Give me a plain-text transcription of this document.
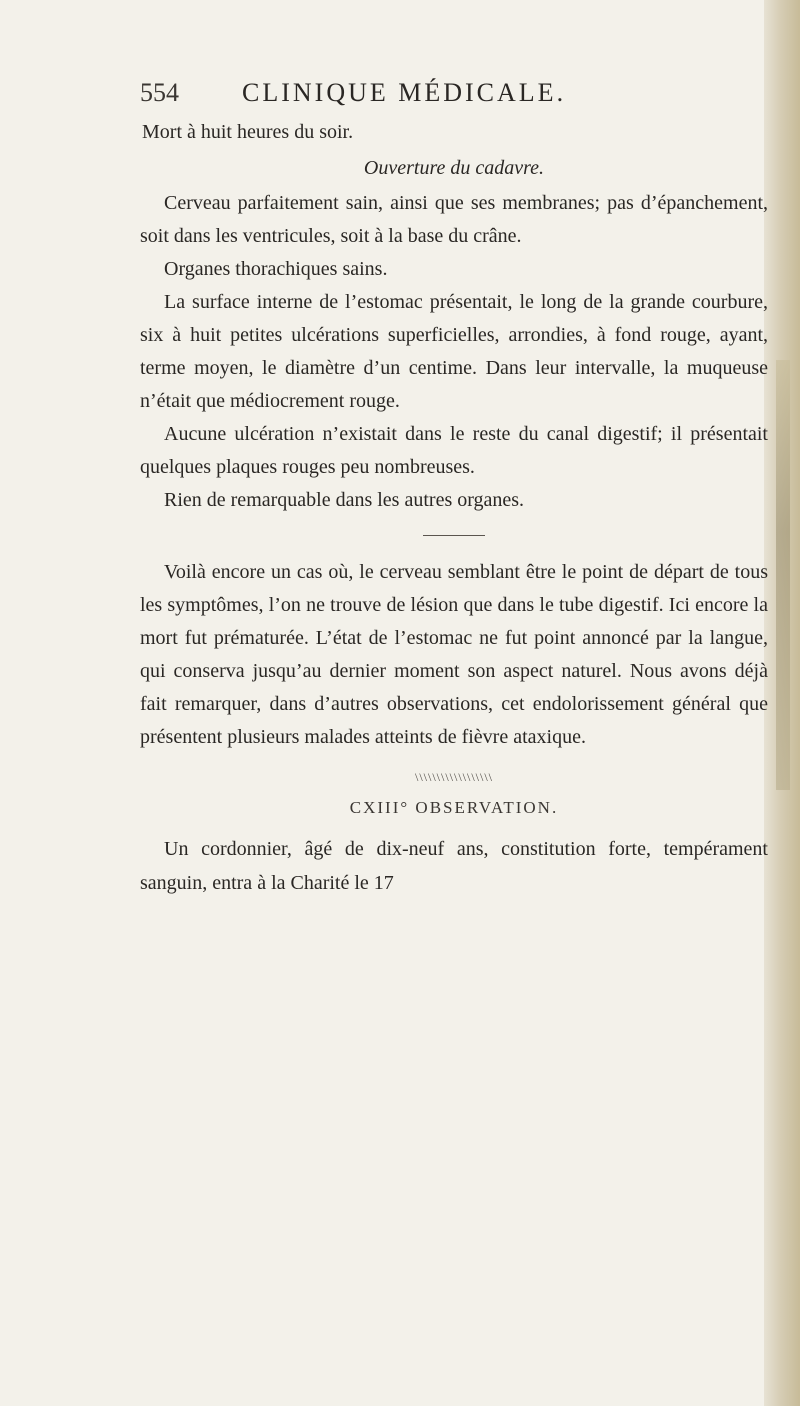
554	CLINIQUE MÉDICALE.

Mort à huit heures du soir.

Ouverture du cadavre.

Cerveau parfaitement sain, ainsi que ses membranes; pas d’épanchement, soit dans les ventricules, soit à la base du crâne.

Organes thorachiques sains.

La surface interne de l’estomac présentait, le long de la grande courbure, six à huit petites ulcérations superficielles, arrondies, à fond rouge, ayant, terme moyen, le diamètre d’un centime. Dans leur intervalle, la muqueuse n’était que médiocrement rouge.

Aucune ulcération n’existait dans le reste du canal digestif; il présentait quelques plaques rouges peu nombreuses.

Rien de remarquable dans les autres organes.

Voilà encore un cas où, le cerveau semblant être le point de départ de tous les symptômes, l’on ne trouve de lésion que dans le tube digestif. Ici encore la mort fut prématurée. L’état de l’estomac ne fut point annoncé par la langue, qui conserva jusqu’au dernier moment son aspect naturel. Nous avons déjà fait remarquer, dans d’autres observations, cet endolorissement général que présentent plusieurs malades atteints de fièvre ataxique.

\\\\\\\\\\\\\\\\\\
CXIII° OBSERVATION.

Un cordonnier, âgé de dix-neuf ans, constitution forte, tempérament sanguin, entra à la Charité le 17
